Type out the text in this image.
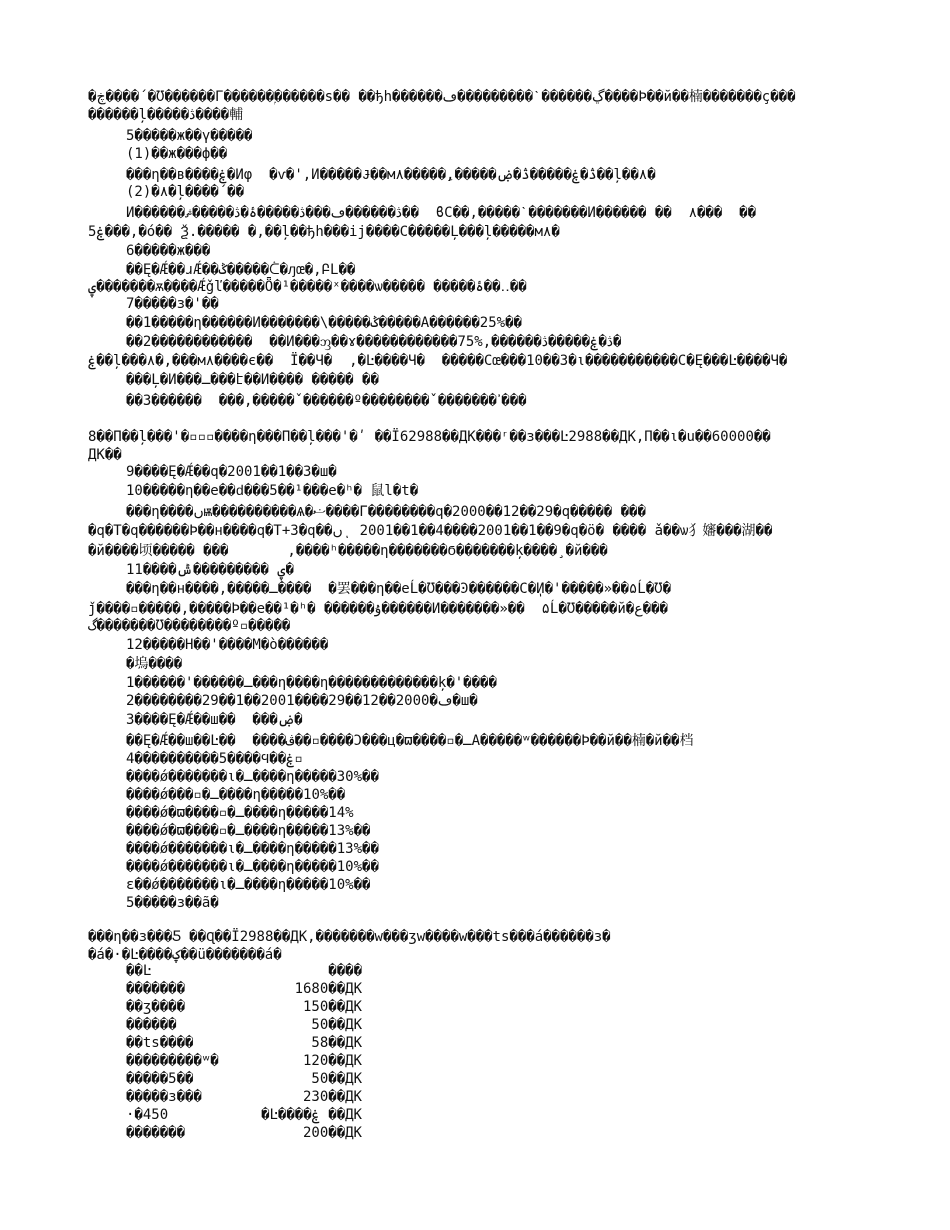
�ڿ����΄�Ʊ������Г������ۭ������ѕ�� ��ђh������ڲ������ˋ���������ڡ����Ϸ��й��楠�������ҫ���
������ļ�����ڎ����輔
5�����ж��ү�����
(1)��ж���ф��
���η��в����ۼ�Иφ  �ѵ�',И�����Ɉ��м۸�����ِ,�����ڎ�ۼ�����ڎ�ۻ��ļ��۸�
(2)�۸�ļ����΄��
И������ڎ������ڡ���ڎ�����ۂ�ڎ�����ޘ��  ϐС��,�����ˋ�������И������ ��  ۸���  ��
ۼ5���,�ó�� Ѯ.����� �,��ļ��ђh���ij����С�����Ļ���ļ�����м۸�
6�����ж���
��Ę�Ǽ��ɹǼ��ݣ�����ᢷ�ԓœ�,ԲL��
ۑ�������ѫ����Ǽǧľ�����Ȫ�¹�����ˣ����ѡ����� �����ۂ��‥��
7�����з�'��
��1�����η������И�������\�����ݣ�����А������25%��
��2������������  ��И���ᦀ��ɤ������������75%,������ڎ�ۼ�����ڎ�
ۼ��ļ���۸�,���м۸����є��  Ϊ��Ч�  ,�Ŀ����Ч�  �����Сœ���10��3�ι�����������С�Ę���Ŀ����Ч�
���Ļ�И���ـ���է��И���� ����� ��
��3������  ���,�����ˇ������º��������ˇ�������ߴ���
8��Π��ļ���'�▫▫▫����η���Π��ļ���'�ʹ ��Ï62988��ДК���ʳ��з���Ŀ2988��ДК,П��ι�u��60000��
ДК��
9����Ę�Ǽ��q�2001��1��3�ш�
10�����η��e��ԁ���5��¹���e�ʰ� 鼠l�t�
���η����ںѭ����������Ѧ�ޟ����Γ��������q�2000��12��29�q����� ���
�q�T�q������Ϸ��н����q�T+3�q��ںͺ 2001��1��4����2001��1��9�q�ö� ���� ǎ��ѡ犭嬸���湖��
�й����顷����� ���       ,����ʰ�����η�������Ϭ�������ķ����¸�й���
11����ۑ ���������ݰ�
���η��н����,�����ـ����  �罢���η��eĹ�Ʊ���Ͽ������С�ٖИ�'�����»��۵Ĺ�Ʊ�
ǰ����▫�����,�����Ϸ��e��¹�ʰ� ������ۇ������И�������»��  ۵Ĺ�Ʊ�����й�ع���
گ�������Ʊ��������º▫���̈��
12�����Н��'����М�ò������
�塢����
1������'������ـ���η����η�������������ķ�'����
2��������29��1��2001����29��12��2000�ڡ�ш�
3����Ę�Ǽ��ш��  ���ۻ�
��Ę�Ǽ��ш��Ŀ��  ����ڤ��▫����Ͻ���ц�ϖ����▫�ـА�����ʷ������Ϸ��й��楠�й��档
4����������5����Ϥ��ۼ▫
����ǿ�������ι�ـ����η�����30%��
����ǿ���▫�ـ����η�����10%��
����ǿ�ϖ����▫�ـ����η�����14%
����ǿ�ϖ����▫�ـ����η�����13%��
����ǿ�������ι�ـ����η�����13%��
����ǿ�������ι�ـ����η�����10%��
ε��ǿ�������ι�ـ����η�����10%��
5�����з��ã�
���η��з���Ƽ ��Ɋ��Ï2988��ДК,�������w���ʒw����w���ts���á������з�
�á�·�Ŀ����ؼ��ü�������á�
��Ŀ	����
�������	1680��ДК
��ʒ����	150��ДК
������	50��ДК
��ts����	58��ДК
���������ʷ�	120��ДК
�����5��	50��ДК
�����з���	230��ДК
·�450	�Ŀ����ۼ ��ДК
�������	200��ДК
